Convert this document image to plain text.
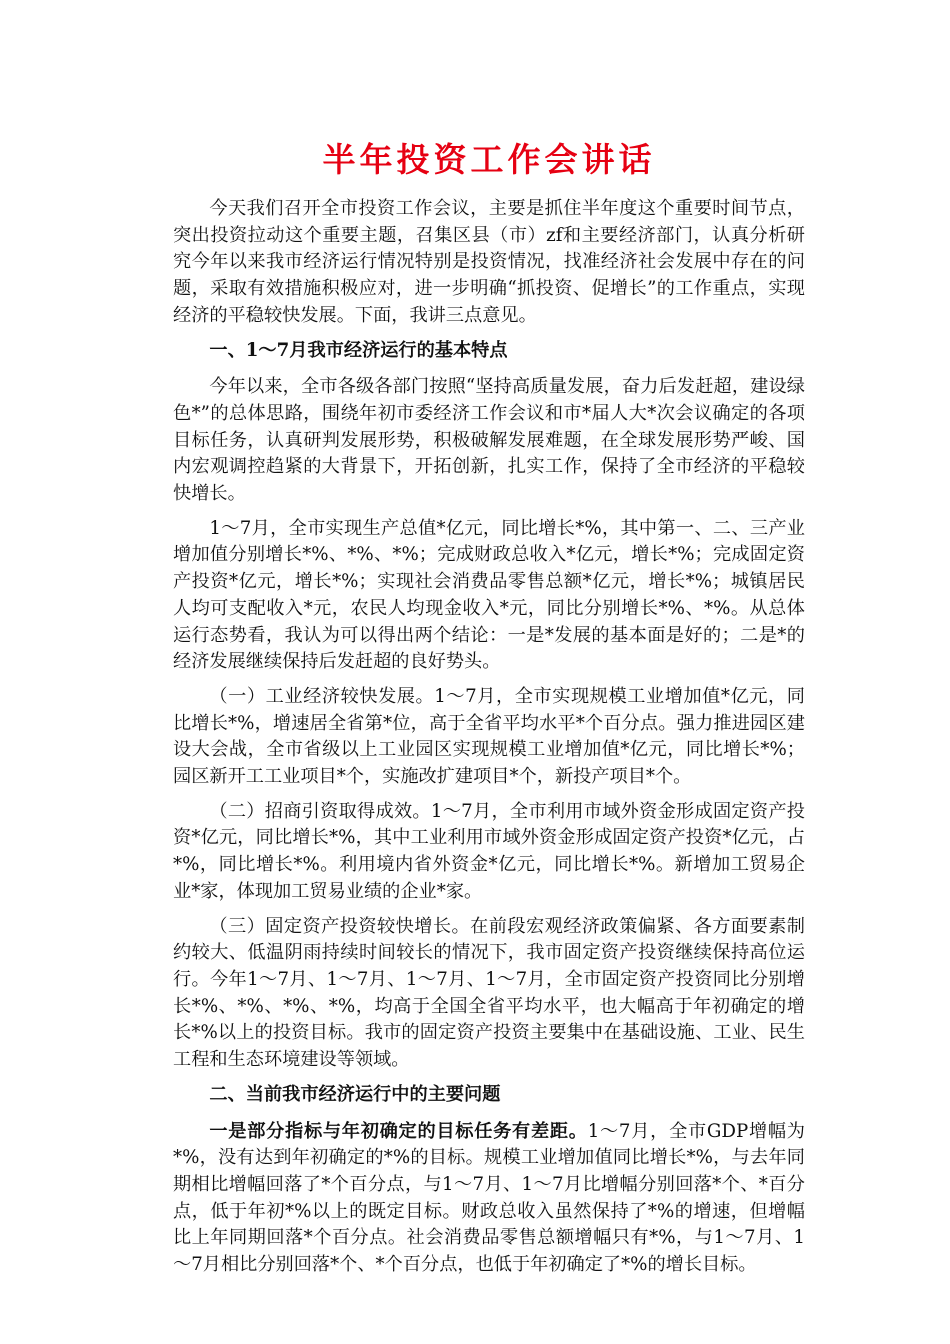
半年投资工作会讲话

今天我们召开全市投资工作会议，主要是抓住半年度这个重要时间节点，突出投资拉动这个重要主题，召集区县（市）zf和主要经济部门，认真分析研究今年以来我市经济运行情况特别是投资情况，找准经济社会发展中存在的问题，采取有效措施积极应对，进一步明确“抓投资、促增长”的工作重点，实现经济的平稳较快发展。下面，我讲三点意见。

一、1～7月我市经济运行的基本特点

今年以来，全市各级各部门按照“坚持高质量发展，奋力后发赶超，建设绿色*”的总体思路，围绕年初市委经济工作会议和市*届人大*次会议确定的各项目标任务，认真研判发展形势，积极破解发展难题，在全球发展形势严峻、国内宏观调控趋紧的大背景下，开拓创新，扎实工作，保持了全市经济的平稳较快增长。

1～7月，全市实现生产总值*亿元，同比增长*%，其中第一、二、三产业增加值分别增长*%、*%、*%；完成财政总收入*亿元，增长*%；完成固定资产投资*亿元，增长*%；实现社会消费品零售总额*亿元，增长*%；城镇居民人均可支配收入*元，农民人均现金收入*元，同比分别增长*%、*%。从总体运行态势看，我认为可以得出两个结论：一是*发展的基本面是好的；二是*的经济发展继续保持后发赶超的良好势头。

（一）工业经济较快发展。1～7月，全市实现规模工业增加值*亿元，同比增长*%，增速居全省第*位，高于全省平均水平*个百分点。强力推进园区建设大会战，全市省级以上工业园区实现规模工业增加值*亿元，同比增长*%；园区新开工工业项目*个，实施改扩建项目*个，新投产项目*个。

（二）招商引资取得成效。1～7月，全市利用市域外资金形成固定资产投资*亿元，同比增长*%，其中工业利用市域外资金形成固定资产投资*亿元，占*%，同比增长*%。利用境内省外资金*亿元，同比增长*%。新增加工贸易企业*家，体现加工贸易业绩的企业*家。

（三）固定资产投资较快增长。在前段宏观经济政策偏紧、各方面要素制约较大、低温阴雨持续时间较长的情况下，我市固定资产投资继续保持高位运行。今年1～7月、1～7月、1～7月、1～7月，全市固定资产投资同比分别增长*%、*%、*%、*%，均高于全国全省平均水平，也大幅高于年初确定的增长*%以上的投资目标。我市的固定资产投资主要集中在基础设施、工业、民生工程和生态环境建设等领域。

二、当前我市经济运行中的主要问题

一是部分指标与年初确定的目标任务有差距。1～7月，全市GDP增幅为*%，没有达到年初确定的*%的目标。规模工业增加值同比增长*%，与去年同期相比增幅回落了*个百分点，与1～7月、1～7月比增幅分别回落*个、*百分点，低于年初*%以上的既定目标。财政总收入虽然保持了*%的增速，但增幅比上年同期回落*个百分点。社会消费品零售总额增幅只有*%，与1～7月、1～7月相比分别回落*个、*个百分点，也低于年初确定了*%的增长目标。
